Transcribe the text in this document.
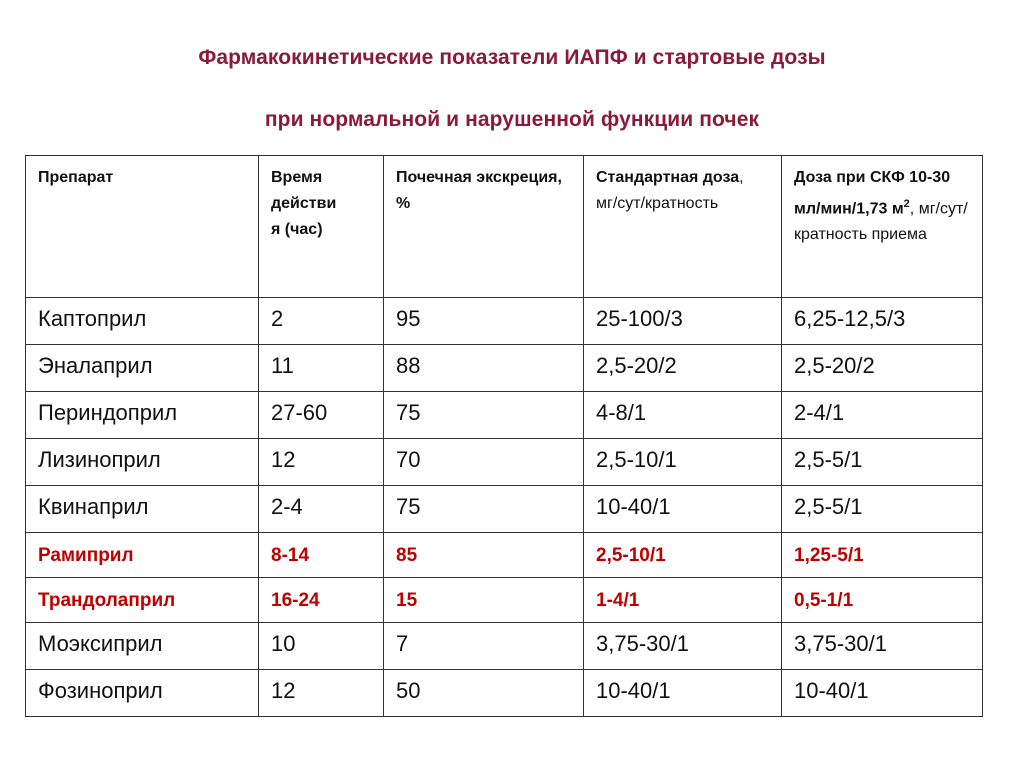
Фармакокинетические показатели ИАПФ и стартовые дозы
при нормальной и нарушенной функции почек
Препарат	Время
действи
я (час)	Почечная экскреция, %	Стандартная доза, мг/сут/кратность	Доза при СКФ 10-30 мл/мин/1,73 $м^2$, мг/сут/кратность приема
Каптоприл	2	95	25-100/3	6,25-12,5/3
Эналаприл	11	88	2,5-20/2	2,5-20/2
Периндоприл	27-60	75	4-8/1	2-4/1
Лизиноприл	12	70	2,5-10/1	2,5-5/1
Квинаприл	2-4	75	10-40/1	2,5-5/1
Рамиприл	8-14	85	2,5-10/1	1,25-5/1
Трандолаприл	16-24	15	1-4/1	0,5-1/1
Моэксиприл	10	7	3,75-30/1	3,75-30/1
Фозиноприл	12	50	10-40/1	10-40/1
